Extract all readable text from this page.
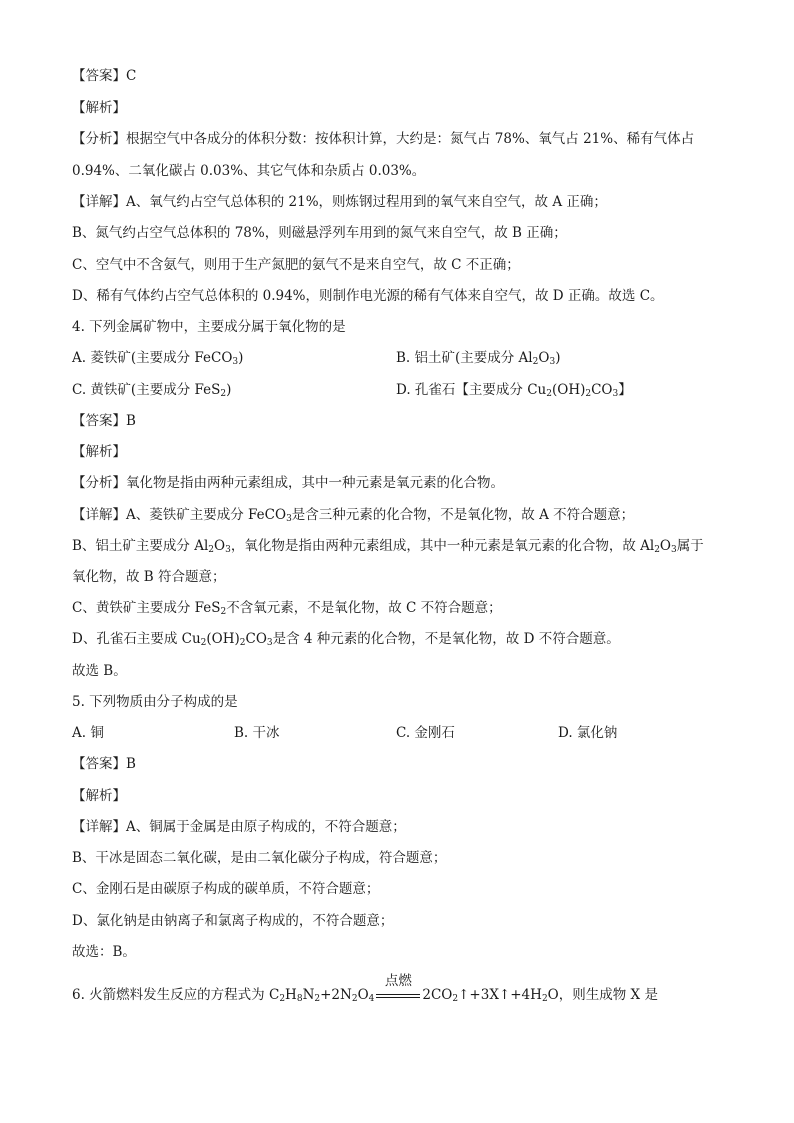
【答案】C
【解析】
【分析】根据空气中各成分的体积分数：按体积计算，大约是：氮气占 78%、氧气占 21%、稀有气体占
0.94%、二氧化碳占 0.03%、其它气体和杂质占 0.03%。
【详解】A、氧气约占空气总体积的 21%，则炼钢过程用到的氧气来自空气，故 A 正确；
B、氮气约占空气总体积的 78%，则磁悬浮列车用到的氮气来自空气，故 B 正确；
C、空气中不含氨气，则用于生产氮肥的氨气不是来自空气，故 C 不正确；
D、稀有气体约占空气总体积的 0.94%，则制作电光源的稀有气体来自空气，故 D 正确。故选 C。
4. 下列金属矿物中，主要成分属于氧化物的是
A. 菱铁矿(主要成分 FeCO$_3$)	B. 铝土矿(主要成分 $Al_2O_3$)
C. 黄铁矿(主要成分 FeS$_2$)	D. 孔雀石【主要成分 $Cu_2(OH)_2CO_3$】
【答案】B
【解析】
【分析】氧化物是指由两种元素组成，其中一种元素是氧元素的化合物。
【详解】A、菱铁矿主要成分 FeCO$_3$是含三种元素的化合物，不是氧化物，故 A 不符合题意；
B、铝土矿主要成分 $Al_2O_3$，氧化物是指由两种元素组成，其中一种元素是氧元素的化合物，故 $Al_2O_3$属于
氧化物，故 B 符合题意；
C、黄铁矿主要成分 FeS$_2$不含氧元素，不是氧化物，故 C 不符合题意；
D、孔雀石主要成 $Cu_2(OH)_2CO_3$是含 4 种元素的化合物，不是氧化物，故 D 不符合题意。
故选 B。
5. 下列物质由分子构成的是
A. 铜	B. 干冰	C. 金刚石	D. 氯化钠
【答案】B
【解析】
【详解】A、铜属于金属是由原子构成的，不符合题意；
B、干冰是固态二氧化碳，是由二氧化碳分子构成，符合题意；
C、金刚石是由碳原子构成的碳单质，不符合题意；
D、氯化钠是由钠离子和氯离子构成的，不符合题意；
故选：B。
6. 火箭燃料发生反应的方程式为 $C_2H_8N_2+2N_2O_4$
点燃
$2CO_2↑+3X↑+4H_2O$，则生成物 X 是
